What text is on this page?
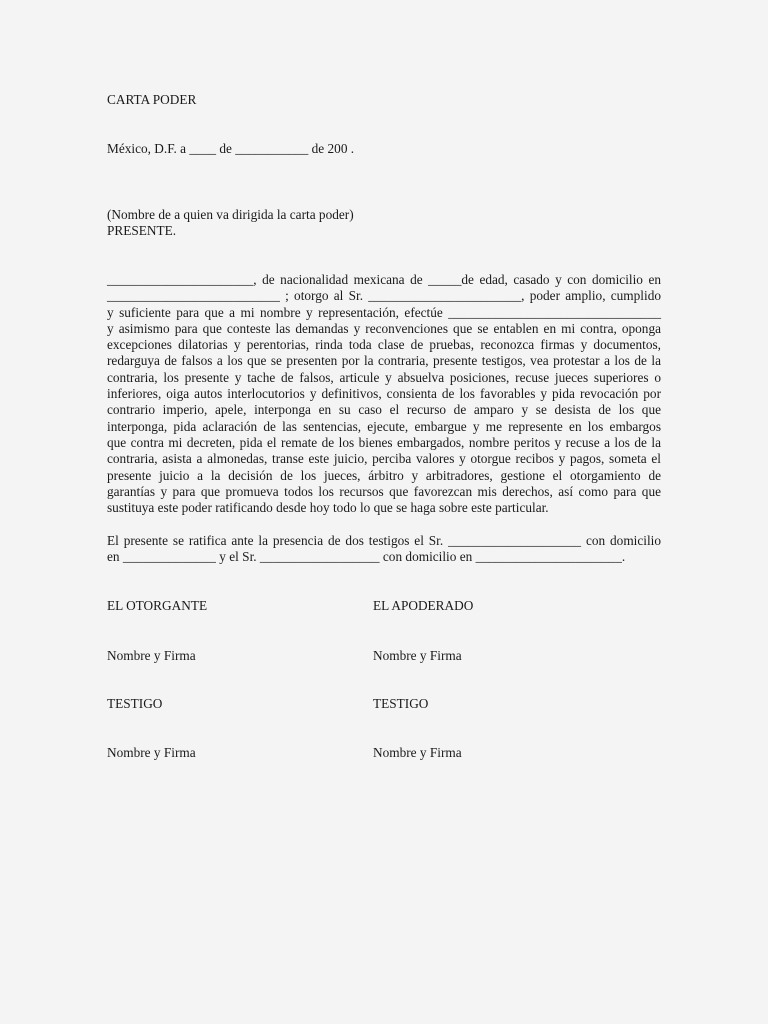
CARTA PODER
México, D.F. a ____ de ___________ de 200 .
(Nombre de a quien va dirigida la carta poder)
PRESENTE.
______________________, de nacionalidad mexicana de _____de edad, casado y con domicilio en
__________________________ ; otorgo al Sr. _______________________, poder amplio, cumplido
y suficiente para que a mi nombre y representación, efectúe ________________________________
y asimismo para que conteste las demandas y reconvenciones que se entablen en mi contra, oponga
excepciones dilatorias y perentorias, rinda toda clase de pruebas, reconozca firmas y documentos,
redarguya de falsos a los que se presenten por la contraria, presente testigos, vea protestar a los de la
contraria, los presente y tache de falsos, articule y absuelva posiciones, recuse jueces superiores o
inferiores, oiga autos interlocutorios y definitivos, consienta de los favorables y pida revocación por
contrario imperio, apele, interponga en su caso el recurso de amparo y se desista de los que
interponga, pida aclaración de las sentencias, ejecute, embargue y me represente en los embargos
que contra mi decreten, pida el remate de los bienes embargados, nombre peritos y recuse a los de la
contraria, asista a almonedas, transe este juicio, perciba valores y otorgue recibos y pagos, sometа el
presente juicio a la decisión de los jueces, árbitro y arbitradores, gestione el otorgamiento de
garantías y para que promueva todos los recursos que favorezcan mis derechos, así como para que
sustituya este poder ratificando desde hoy todo lo que se haga sobre este particular.
El presente se ratifica ante la presencia de dos testigos el Sr. ____________________ con domicilio
en ______________ y el Sr. __________________ con domicilio en ______________________.
EL OTORGANTE	EL APODERADO
Nombre y Firma	Nombre y Firma
TESTIGO	TESTIGO
Nombre y Firma	Nombre y Firma
